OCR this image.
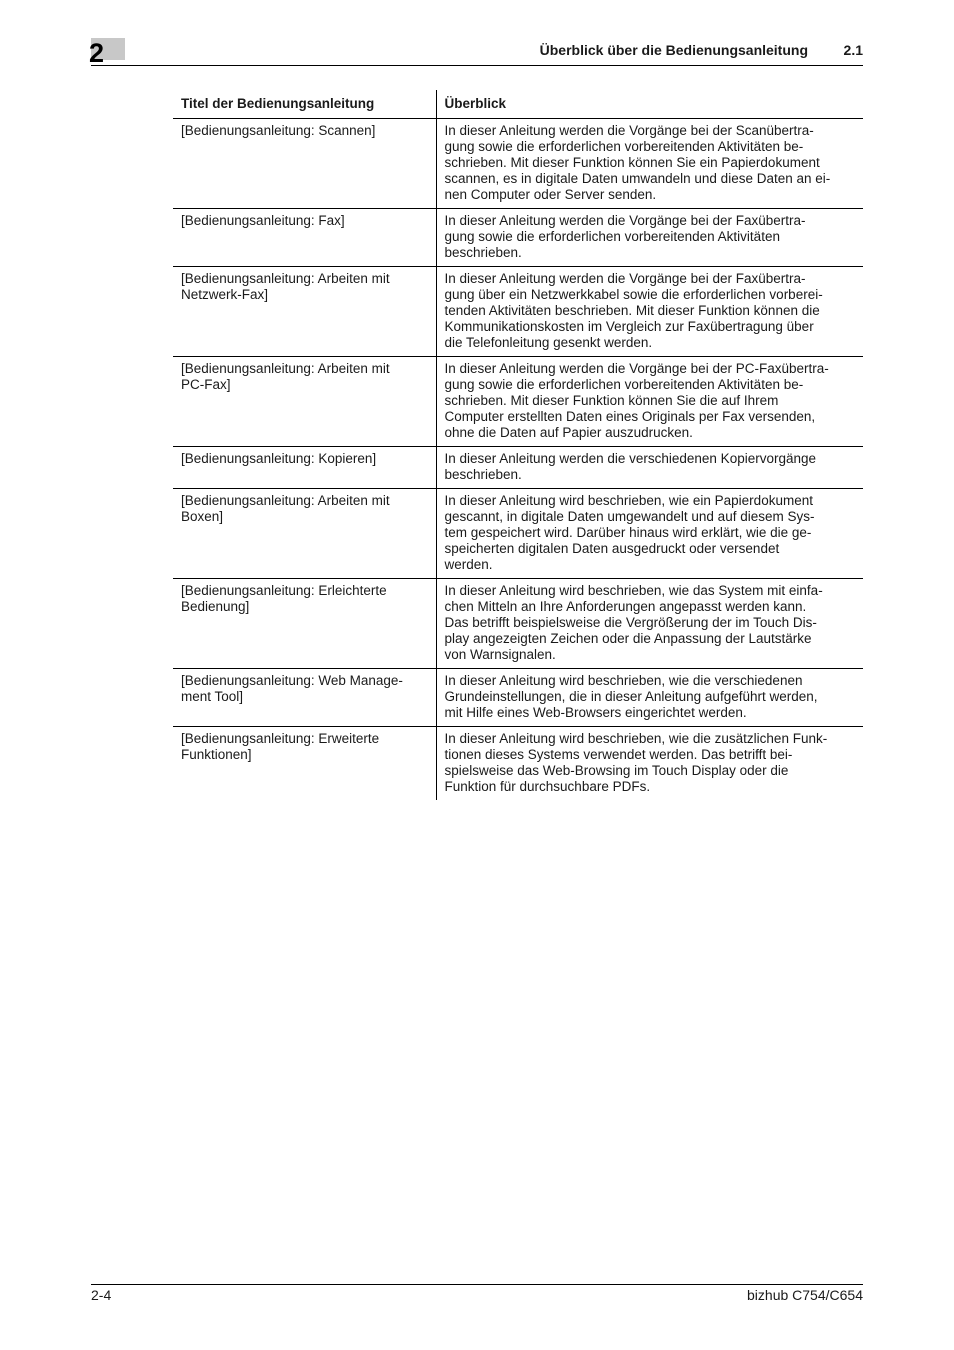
2	Überblick über die Bedienungsanleitung	2.1
Titel der Bedienungsanleitung	Überblick
[Bedienungsanleitung: Scannen]	In dieser Anleitung werden die Vorgänge bei der Scanübertra-
gung sowie die erforderlichen vorbereitenden Aktivitäten be-
schrieben. Mit dieser Funktion können Sie ein Papierdokument
scannen, es in digitale Daten umwandeln und diese Daten an ei-
nen Computer oder Server senden.
[Bedienungsanleitung: Fax]	In dieser Anleitung werden die Vorgänge bei der Faxübertra-
gung sowie die erforderlichen vorbereitenden Aktivitäten
beschrieben.
[Bedienungsanleitung: Arbeiten mit
Netzwerk-Fax]	In dieser Anleitung werden die Vorgänge bei der Faxübertra-
gung über ein Netzwerkkabel sowie die erforderlichen vorberei-
tenden Aktivitäten beschrieben. Mit dieser Funktion können die
Kommunikationskosten im Vergleich zur Faxübertragung über
die Telefonleitung gesenkt werden.
[Bedienungsanleitung: Arbeiten mit
PC-Fax]	In dieser Anleitung werden die Vorgänge bei der PC-Faxübertra-
gung sowie die erforderlichen vorbereitenden Aktivitäten be-
schrieben. Mit dieser Funktion können Sie die auf Ihrem
Computer erstellten Daten eines Originals per Fax versenden,
ohne die Daten auf Papier auszudrucken.
[Bedienungsanleitung: Kopieren]	In dieser Anleitung werden die verschiedenen Kopiervorgänge
beschrieben.
[Bedienungsanleitung: Arbeiten mit
Boxen]	In dieser Anleitung wird beschrieben, wie ein Papierdokument
gescannt, in digitale Daten umgewandelt und auf diesem Sys-
tem gespeichert wird. Darüber hinaus wird erklärt, wie die ge-
speicherten digitalen Daten ausgedruckt oder versendet
werden.
[Bedienungsanleitung: Erleichterte
Bedienung]	In dieser Anleitung wird beschrieben, wie das System mit einfa-
chen Mitteln an Ihre Anforderungen angepasst werden kann.
Das betrifft beispielsweise die Vergrößerung der im Touch Dis-
play angezeigten Zeichen oder die Anpassung der Lautstärke
von Warnsignalen.
[Bedienungsanleitung: Web Manage-
ment Tool]	In dieser Anleitung wird beschrieben, wie die verschiedenen
Grundeinstellungen, die in dieser Anleitung aufgeführt werden,
mit Hilfe eines Web-Browsers eingerichtet werden.
[Bedienungsanleitung: Erweiterte
Funktionen]	In dieser Anleitung wird beschrieben, wie die zusätzlichen Funk-
tionen dieses Systems verwendet werden. Das betrifft bei-
spielsweise das Web-Browsing im Touch Display oder die
Funktion für durchsuchbare PDFs.
2-4	bizhub C754/C654
